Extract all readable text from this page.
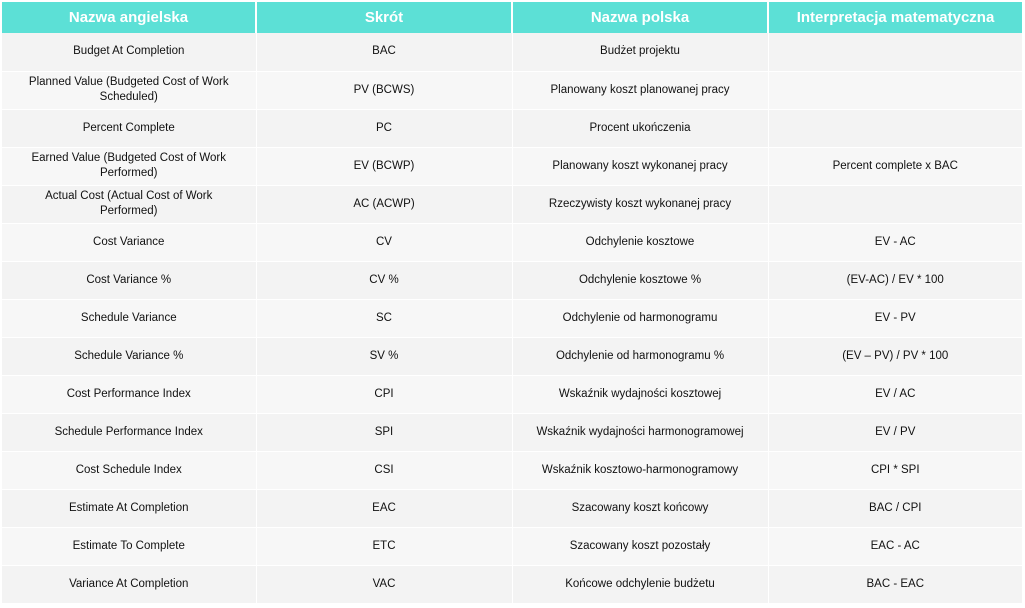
Nazwa angielska	Skrót	Nazwa polska	Interpretacja matematyczna
Budget At Completion	BAC	Budżet projektu	
Planned Value (Budgeted Cost of Work Scheduled)	PV (BCWS)	Planowany koszt planowanej pracy	
Percent Complete	PC	Procent ukończenia	
Earned Value (Budgeted Cost of Work Performed)	EV (BCWP)	Planowany koszt wykonanej pracy	Percent complete x BAC
Actual Cost (Actual Cost of Work Performed)	AC (ACWP)	Rzeczywisty koszt wykonanej pracy	
Cost Variance	CV	Odchylenie kosztowe	EV - AC
Cost Variance %	CV %	Odchylenie kosztowe %	(EV-AC) / EV * 100
Schedule Variance	SC	Odchylenie od harmonogramu	EV - PV
Schedule Variance %	SV %	Odchylenie od harmonogramu %	(EV – PV) / PV * 100
Cost Performance Index	CPI	Wskaźnik wydajności kosztowej	EV / AC
Schedule Performance Index	SPI	Wskaźnik wydajności harmonogramowej	EV / PV
Cost Schedule Index	CSI	Wskaźnik kosztowo-harmonogramowy	CPI * SPI
Estimate At Completion	EAC	Szacowany koszt końcowy	BAC / CPI
Estimate To Complete	ETC	Szacowany koszt pozostały	EAC - AC
Variance At Completion	VAC	Końcowe odchylenie budżetu	BAC - EAC
